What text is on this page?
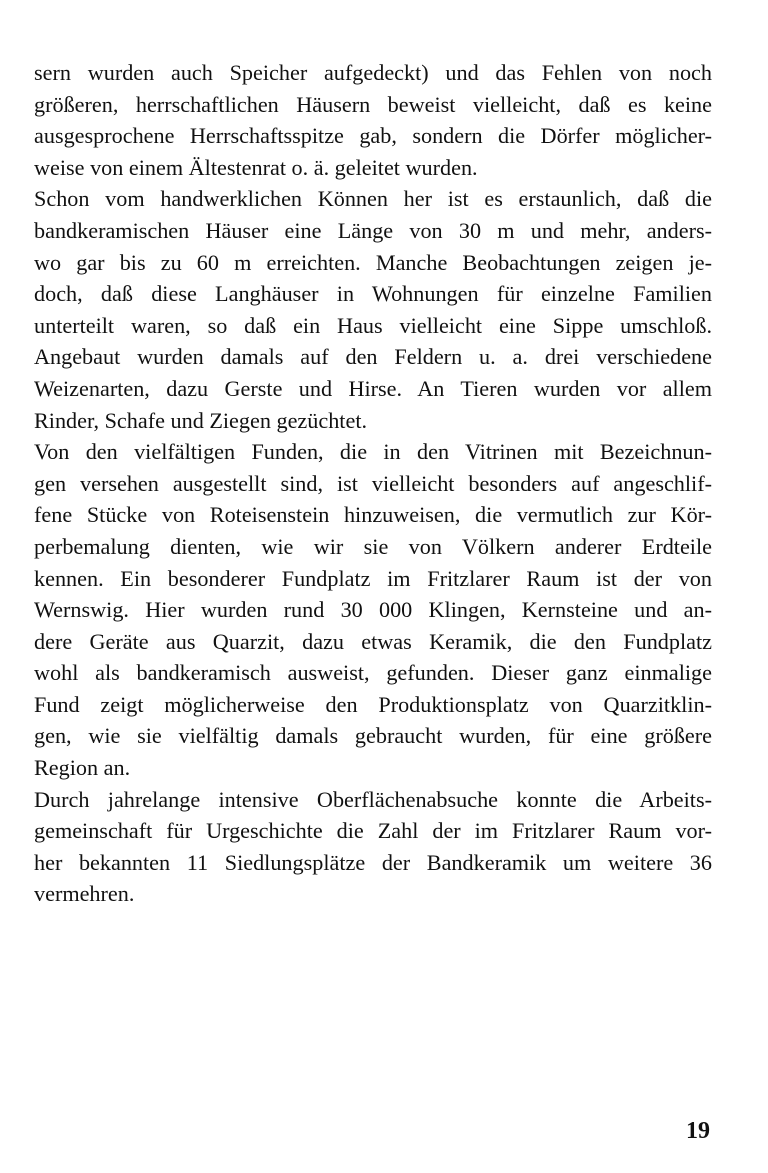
sern wurden auch Speicher aufgedeckt) und das Fehlen von noch
größeren, herrschaftlichen Häusern beweist vielleicht, daß es keine
ausgesprochene Herrschaftsspitze gab, sondern die Dörfer möglicher-
weise von einem Ältestenrat o. ä. geleitet wurden.

Schon vom handwerklichen Können her ist es erstaunlich, daß die
bandkeramischen Häuser eine Länge von 30 m und mehr, anders-
wo gar bis zu 60 m erreichten. Manche Beobachtungen zeigen je-
doch, daß diese Langhäuser in Wohnungen für einzelne Familien
unterteilt waren, so daß ein Haus vielleicht eine Sippe umschloß.
Angebaut wurden damals auf den Feldern u. a. drei verschiedene
Weizenarten, dazu Gerste und Hirse. An Tieren wurden vor allem
Rinder, Schafe und Ziegen gezüchtet.

Von den vielfältigen Funden, die in den Vitrinen mit Bezeichnun-
gen versehen ausgestellt sind, ist vielleicht besonders auf angeschlif-
fene Stücke von Roteisenstein hinzuweisen, die vermutlich zur Kör-
perbemalung dienten, wie wir sie von Völkern anderer Erdteile
kennen. Ein besonderer Fundplatz im Fritzlarer Raum ist der von
Wernswig. Hier wurden rund 30 000 Klingen, Kernsteine und an-
dere Geräte aus Quarzit, dazu etwas Keramik, die den Fundplatz
wohl als bandkeramisch ausweist, gefunden. Dieser ganz einmalige
Fund zeigt möglicherweise den Produktionsplatz von Quarzitklin-
gen, wie sie vielfältig damals gebraucht wurden, für eine größere
Region an.

Durch jahrelange intensive Oberflächenabsuche konnte die Arbeits-
gemeinschaft für Urgeschichte die Zahl der im Fritzlarer Raum vor-
her bekannten 11 Siedlungsplätze der Bandkeramik um weitere 36
vermehren.

19
